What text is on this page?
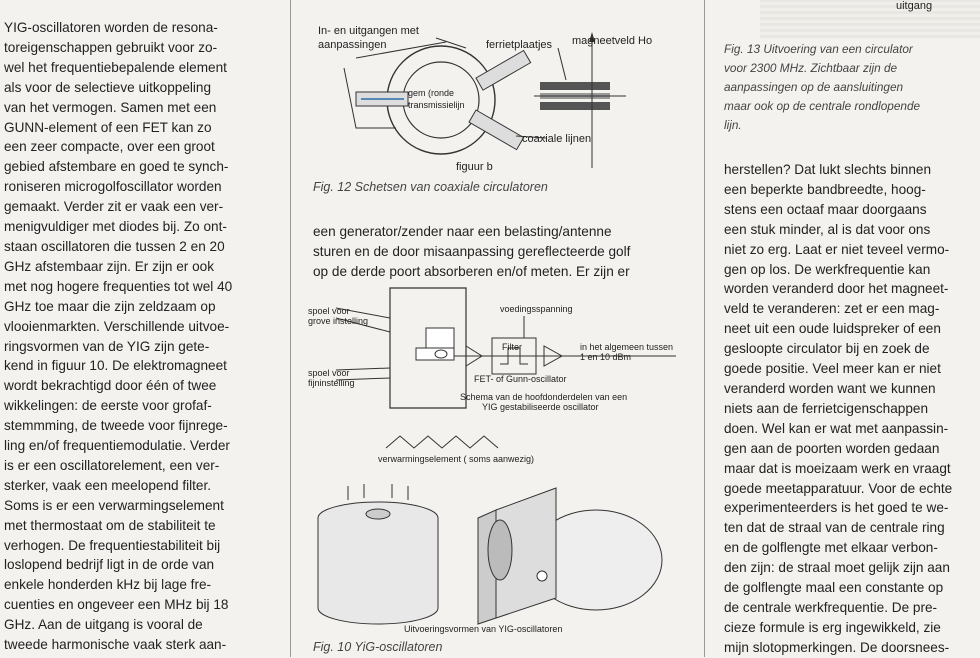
YIG-oscillatoren worden de resona-

toreigenschappen gebruikt voor zo-

wel het frequentiebepalende element

als voor de selectieve uitkoppeling

van het vermogen. Samen met een

GUNN-element of een FET kan zo

een zeer compacte, over een groot

gebied afstembare en goed te synch-

roniseren microgolfoscillator worden

gemaakt. Verder zit er vaak een ver-

menigvuldiger met diodes bij. Zo ont-

staan oscillatoren die tussen 2 en 20

GHz afstembaar zijn. Er zijn er ook

met nog hogere frequenties tot wel 40

GHz toe maar die zijn zeldzaam op

vlooienmarkten. Verschillende uitvoe-

ringsvormen van de YIG zijn gete-

kend in figuur 10. De elektromagneet

wordt bekrachtigd door één of twee

wikkelingen: de eerste voor grofaf-

stemmming, de tweede voor fijnrege-

ling en/of frequentiemodulatie. Verder

is er een oscillatorelement, een ver-

sterker, vaak een meelopend filter.

Soms is er een verwarmingselement

met thermostaat om de stabiliteit te

verhogen. De frequentiestabiliteit bij

loslopend bedrijf ligt in de orde van

enkele honderden kHz bij lage fre-

cuenties en ongeveer een MHz bij 18

GHz. Aan de uitgang is vooral de

tweede harmonische vaak sterk aan-

In- en uitgangen met
aanpassingen	ferrietplaatjes magneetveld Ho
gem (ronde
transmissielijn
coaxiale lijnen
figuur b
Fig. 12 Schetsen van coaxiale circulatoren

een generator/zender naar een belasting/antenne

sturen en de door misaanpassing gereflecteerde golf

op de derde poort absorberen en/of meten. Er zijn er

spoel voor
grove instelling
spoel voor
fijninstelling
voedingsspanning
Filter	in het algemeen tussen
1 en 10 dBm
FET- of Gunn-oscillator
Schema van de hoofdonderdelen van een
YIG gestabiliseerde oscillator
verwarmingselement ( soms aanwezig)
Uitvoeringsvormen van YIG-oscillatoren
Fig. 10 YiG-oscillatoren
uitgang

Fig. 13 Uitvoering van een circulator

voor 2300 MHz. Zichtbaar zijn de

aanpassingen op de aansluitingen

maar ook op de centrale rondlopende

lijn.

herstellen? Dat lukt slechts binnen

een beperkte bandbreedte, hoog-

stens een octaaf maar doorgaans

een stuk minder, al is dat voor ons

niet zo erg. Laat er niet teveel vermo-

gen op los. De werkfrequentie kan

worden veranderd door het magneet-

veld te veranderen: zet er een mag-

neet uit een oude luidspreker of een

gesloopte circulator bij en zoek de

goede positie. Veel meer kan er niet

veranderd worden want we kunnen

niets aan de ferrietcigenschappen

doen. Wel kan er wat met aanpassin-

gen aan de poorten worden gedaan

maar dat is moeizaam werk en vraagt

goede meetapparatuur. Voor de echte

experimenteerders is het goed te we-

ten dat de straal van de centrale ring

en de golflengte met elkaar verbon-

den zijn: de straal moet gelijk zijn aan

de golflengte maal een constante op

de centrale werkfrequentie. De pre-

cieze formule is erg ingewikkeld, zie

mijn slotopmerkingen. De doorsnees-
